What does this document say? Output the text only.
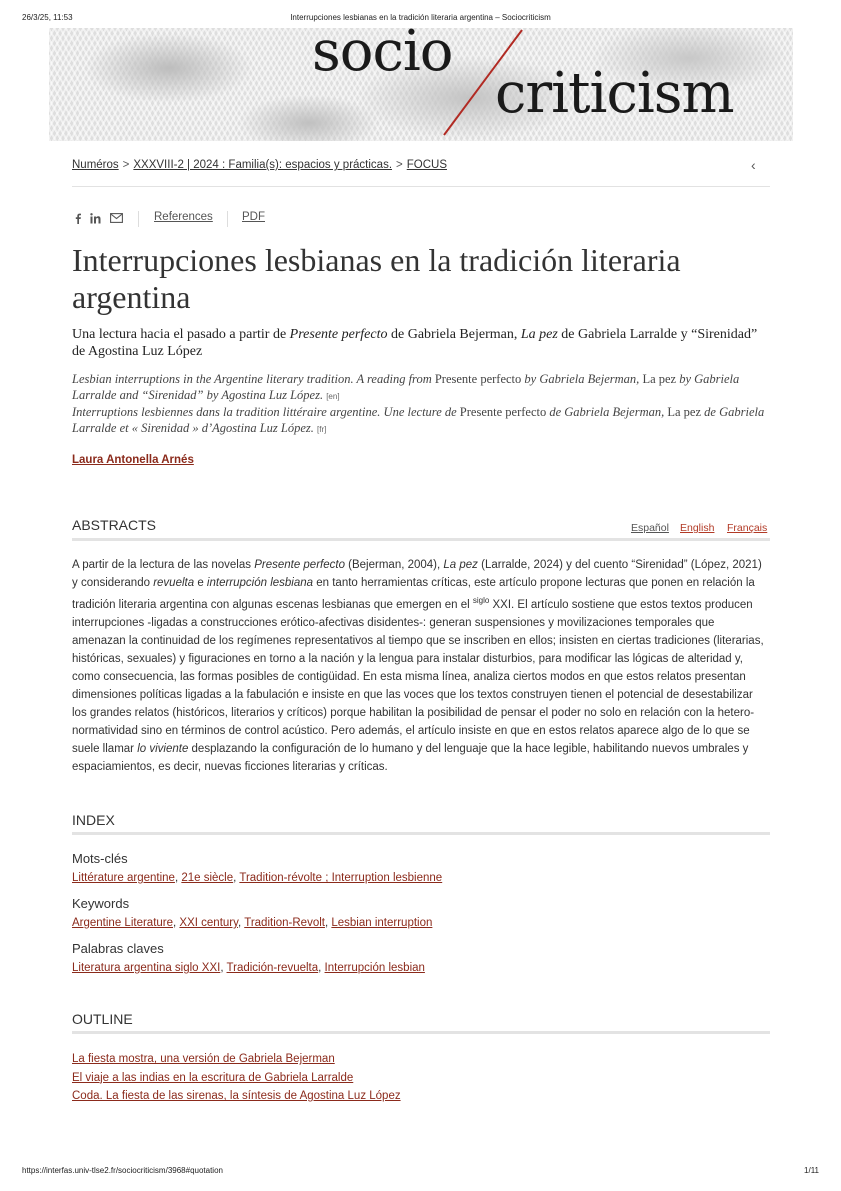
26/3/25, 11:53	Interrupciones lesbianas en la tradición literaria argentina – Sociocriticism
socio
criticism
Numéros > XXXVIII-2 | 2024 : Familia(s): espacios y prácticas. > FOCUS	‹
References	PDF
Interrupciones lesbianas en la tradición literaria argentina
Una lectura hacia el pasado a partir de Presente perfecto de Gabriela Bejerman, La pez de Gabriela Larralde y “Sirenidad” de Agostina Luz López
Lesbian interruptions in the Argentine literary tradition. A reading from Presente perfecto by Gabriela Bejerman, La pez by Gabriela Larralde and “Sirenidad” by Agostina Luz López. [en]
Interruptions lesbiennes dans la tradition littéraire argentine. Une lecture de Presente perfecto de Gabriela Bejerman, La pez de Gabriela Larralde et « Sirenidad » d’Agostina Luz López. [fr]
Laura Antonella Arnés
ABSTRACTS	Español English Français
A partir de la lectura de las novelas Presente perfecto (Bejerman, 2004), La pez (Larralde, 2024) y del cuento “Sirenidad” (López, 2021) y considerando revuelta e interrupción lesbiana en tanto herramientas críticas, este artículo propone lecturas que ponen en relación la tradición literaria argentina con algunas escenas lesbianas que emergen en el $^{siglo}$ XXI. El artículo sostiene que estos textos producen interrupciones -ligadas a construcciones erótico-afectivas disidentes-: generan suspensiones y movilizaciones temporales que amenazan la continuidad de los regímenes representativos al tiempo que se inscriben en ellos; insisten en ciertas tradiciones (literarias, históricas, sexuales) y figuraciones en torno a la nación y la lengua para instalar disturbios, para modificar las lógicas de alteridad y, como consecuencia, las formas posibles de contigüidad. En esta misma línea, analiza ciertos modos en que estos relatos presentan dimensiones políticas ligadas a la fabulación e insiste en que las voces que los textos construyen tienen el potencial de desestabilizar los grandes relatos (históricos, literarios y críticos) porque habilitan la posibilidad de pensar el poder no solo en relación con la hetero-normatividad sino en términos de control acústico. Pero además, el artículo insiste en que en estos relatos aparece algo de lo que se suele llamar lo viviente desplazando la configuración de lo humano y del lenguaje que la hace legible, habilitando nuevos umbrales y espaciamientos, es decir, nuevas ficciones literarias y críticas.
INDEX
Mots-clés
Littérature argentine, 21e siècle, Tradition-révolte ; Interruption lesbienne
Keywords
Argentine Literature, XXI century, Tradition-Revolt, Lesbian interruption
Palabras claves
Literatura argentina siglo XXI, Tradición-revuelta, Interrupción lesbian
OUTLINE
La fiesta mostra, una versión de Gabriela Bejerman
El viaje a las indias en la escritura de Gabriela Larralde
Coda. La fiesta de las sirenas, la síntesis de Agostina Luz López
https://interfas.univ-tlse2.fr/sociocriticism/3968#quotation	1/11
